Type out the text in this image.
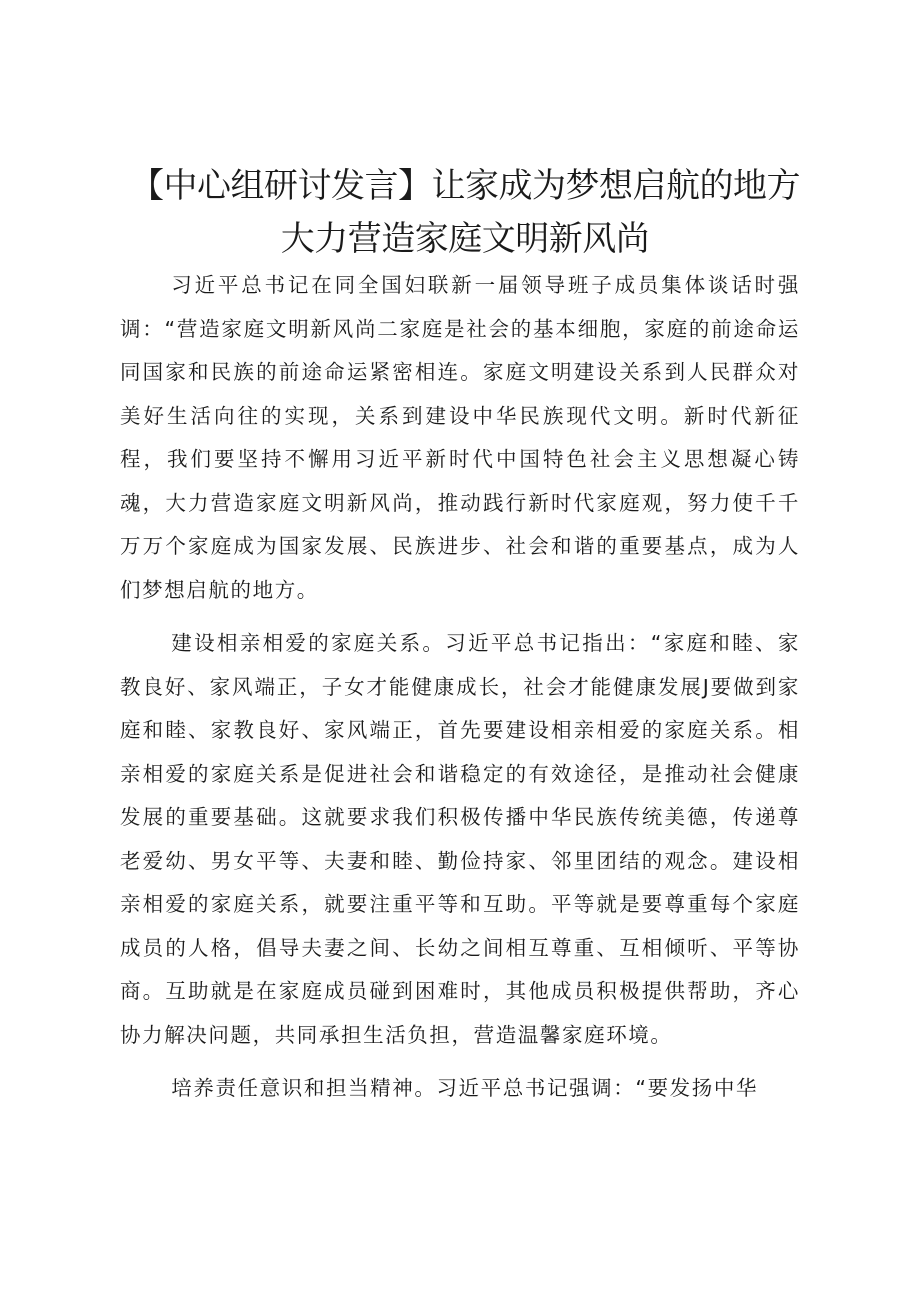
【中心组研讨发言】让家成为梦想启航的地方大力营造家庭文明新风尚

习近平总书记在同全国妇联新一届领导班子成员集体谈话时强调：“营造家庭文明新风尚二家庭是社会的基本细胞，家庭的前途命运同国家和民族的前途命运紧密相连。家庭文明建设关系到人民群众对美好生活向往的实现，关系到建设中华民族现代文明。新时代新征程，我们要坚持不懈用习近平新时代中国特色社会主义思想凝心铸魂，大力营造家庭文明新风尚，推动践行新时代家庭观，努力使千千万万个家庭成为国家发展、民族进步、社会和谐的重要基点，成为人们梦想启航的地方。

建设相亲相爱的家庭关系。习近平总书记指出：“家庭和睦、家教良好、家风端正，子女才能健康成长，社会才能健康发展J要做到家庭和睦、家教良好、家风端正，首先要建设相亲相爱的家庭关系。相亲相爱的家庭关系是促进社会和谐稳定的有效途径，是推动社会健康发展的重要基础。这就要求我们积极传播中华民族传统美德，传递尊老爱幼、男女平等、夫妻和睦、勤俭持家、邻里团结的观念。建设相亲相爱的家庭关系，就要注重平等和互助。平等就是要尊重每个家庭成员的人格，倡导夫妻之间、长幼之间相互尊重、互相倾听、平等协商。互助就是在家庭成员碰到困难时，其他成员积极提供帮助，齐心协力解决问题，共同承担生活负担，营造温馨家庭环境。

培养责任意识和担当精神。习近平总书记强调：“要发扬中华
